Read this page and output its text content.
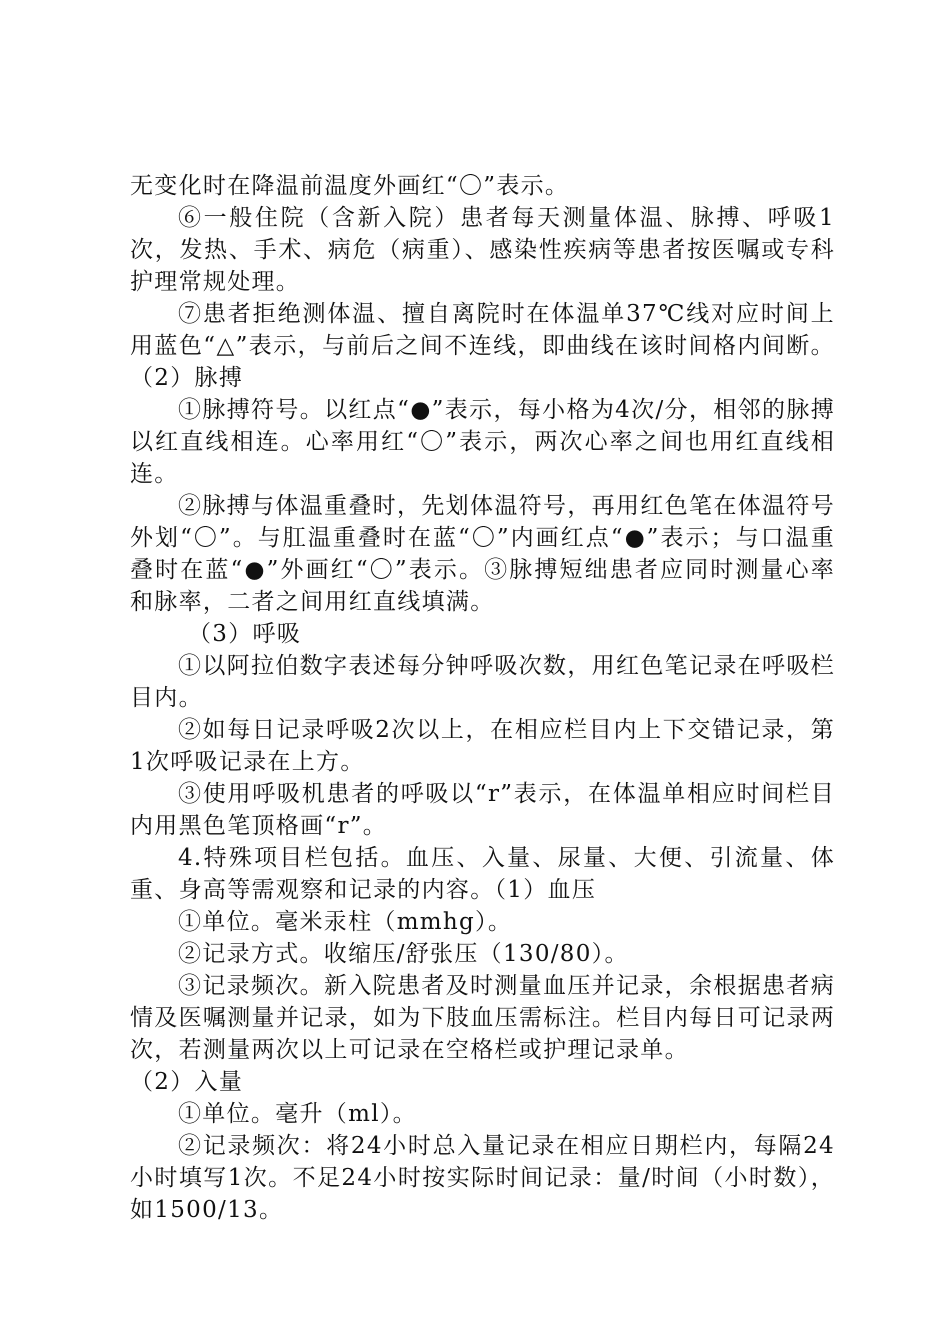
无变化时在降温前温度外画红“〇”表示。

⑥一般住院（含新入院）患者每天测量体温、脉搏、呼吸1次，发热、手术、病危（病重）、感染性疾病等患者按医嘱或专科护理常规处理。

⑦患者拒绝测体温、擅自离院时在体温单37℃线对应时间上用蓝色“△”表示，与前后之间不连线，即曲线在该时间格内间断。（2）脉搏

①脉搏符号。以红点“●”表示，每小格为4次/分，相邻的脉搏以红直线相连。心率用红“〇”表示，两次心率之间也用红直线相连。

②脉搏与体温重叠时，先划体温符号，再用红色笔在体温符号外划“〇”。与肛温重叠时在蓝“〇”内画红点“●”表示；与口温重叠时在蓝“●”外画红“〇”表示。③脉搏短绌患者应同时测量心率和脉率，二者之间用红直线填满。

（3）呼吸

①以阿拉伯数字表述每分钟呼吸次数，用红色笔记录在呼吸栏目内。

②如每日记录呼吸2次以上，在相应栏目内上下交错记录，第1次呼吸记录在上方。

③使用呼吸机患者的呼吸以“r”表示，在体温单相应时间栏目内用黑色笔顶格画“r”。

4.特殊项目栏包括。血压、入量、尿量、大便、引流量、体重、身高等需观察和记录的内容。（1）血压

①单位。毫米汞柱（mmhg）。

②记录方式。收缩压/舒张压（130/80）。

③记录频次。新入院患者及时测量血压并记录，余根据患者病情及医嘱测量并记录，如为下肢血压需标注。栏目内每日可记录两次，若测量两次以上可记录在空格栏或护理记录单。

（2）入量

①单位。毫升（ml）。

②记录频次：将24小时总入量记录在相应日期栏内，每隔24小时填写1次。不足24小时按实际时间记录：量/时间（小时数），如1500/13。
